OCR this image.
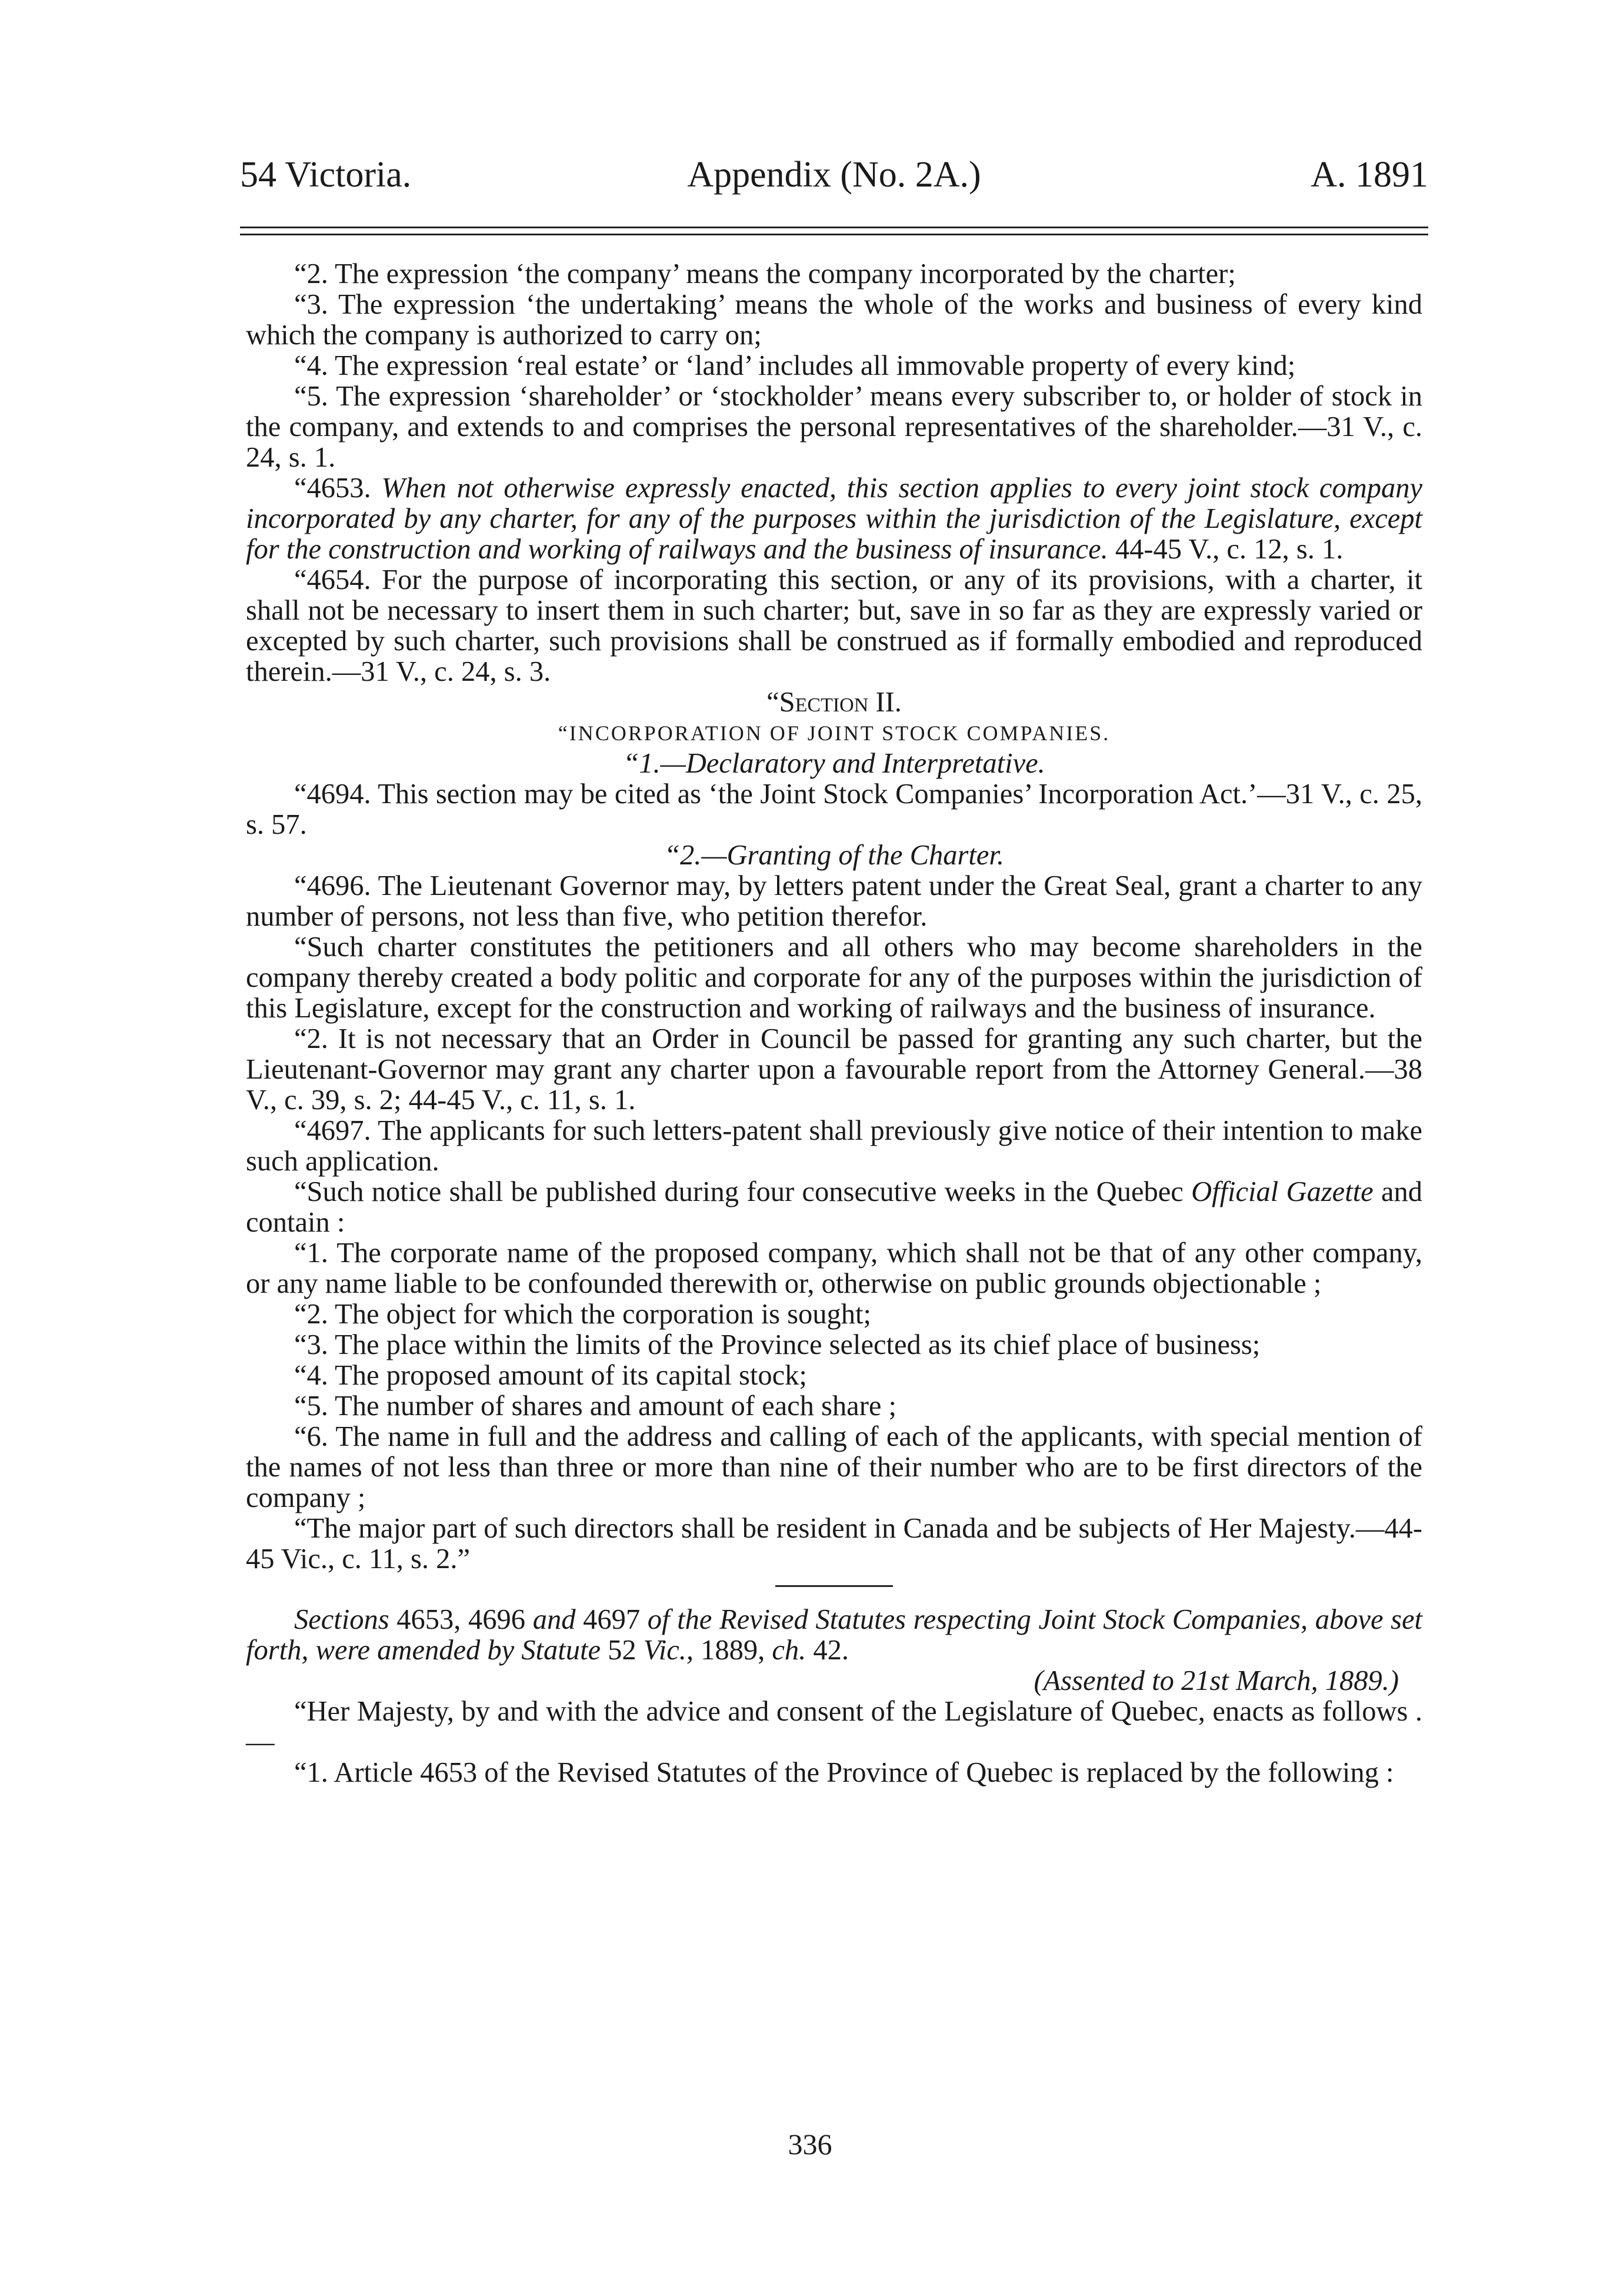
54 Victoria.	Appendix (No. 2A.)	A. 1891

“2. The expression ‘the company’ means the company incorporated by the charter;

“3. The expression ‘the undertaking’ means the whole of the works and business of every kind which the company is authorized to carry on;

“4. The expression ‘real estate’ or ‘land’ includes all immovable property of every kind;

“5. The expression ‘shareholder’ or ‘stockholder’ means every subscriber to, or holder of stock in the company, and extends to and comprises the personal representatives of the shareholder.—31 V., c. 24, s. 1.

“4653. When not otherwise expressly enacted, this section applies to every joint stock company incorporated by any charter, for any of the purposes within the jurisdiction of the Legislature, except for the construction and working of railways and the business of insurance. 44-45 V., c. 12, s. 1.

“4654. For the purpose of incorporating this section, or any of its provisions, with a charter, it shall not be necessary to insert them in such charter; but, save in so far as they are expressly varied or excepted by such charter, such provisions shall be construed as if formally embodied and reproduced therein.—31 V., c. 24, s. 3.

“Section II.

“INCORPORATION OF JOINT STOCK COMPANIES.

“1.—Declaratory and Interpretative.

“4694. This section may be cited as ‘the Joint Stock Companies’ Incorporation Act.’—31 V., c. 25, s. 57.

“2.—Granting of the Charter.

“4696. The Lieutenant Governor may, by letters patent under the Great Seal, grant a charter to any number of persons, not less than five, who petition therefor.

“Such charter constitutes the petitioners and all others who may become shareholders in the company thereby created a body politic and corporate for any of the purposes within the jurisdiction of this Legislature, except for the construction and working of railways and the business of insurance.

“2. It is not necessary that an Order in Council be passed for granting any such charter, but the Lieutenant-Governor may grant any charter upon a favourable report from the Attorney General.—38 V., c. 39, s. 2; 44-45 V., c. 11, s. 1.

“4697. The applicants for such letters-patent shall previously give notice of their intention to make such application.

“Such notice shall be published during four consecutive weeks in the Quebec Official Gazette and contain :

“1. The corporate name of the proposed company, which shall not be that of any other company, or any name liable to be confounded therewith or, otherwise on public grounds objectionable ;

“2. The object for which the corporation is sought;

“3. The place within the limits of the Province selected as its chief place of business;

“4. The proposed amount of its capital stock;

“5. The number of shares and amount of each share ;

“6. The name in full and the address and calling of each of the applicants, with special mention of the names of not less than three or more than nine of their number who are to be first directors of the company ;

“The major part of such directors shall be resident in Canada and be subjects of Her Majesty.—44-45 Vic., c. 11, s. 2.”

Sections 4653, 4696 and 4697 of the Revised Statutes respecting Joint Stock Companies, above set forth, were amended by Statute 52 Vic., 1889, ch. 42.

(Assented to 21st March, 1889.)

“Her Majesty, by and with the advice and consent of the Legislature of Quebec, enacts as follows .—

“1. Article 4653 of the Revised Statutes of the Province of Quebec is replaced by the following :

336
